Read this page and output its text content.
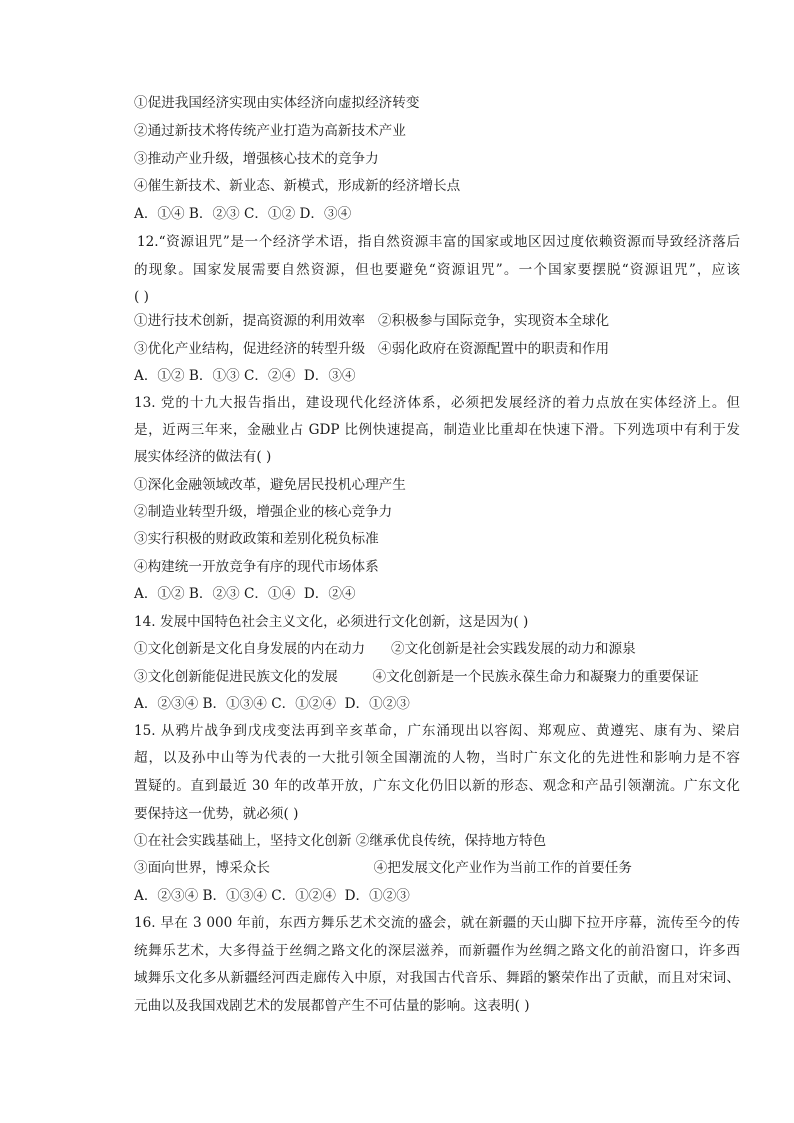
①促进我国经济实现由实体经济向虚拟经济转变
②通过新技术将传统产业打造为高新技术产业
③推动产业升级，增强核心技术的竞争力
④催生新技术、新业态、新模式，形成新的经济增长点
A．①④ B．②③ C．①② D．③④
12.“资源诅咒”是一个经济学术语，指自然资源丰富的国家或地区因过度依赖资源而导致经济落后
的现象。国家发展需要自然资源，但也要避免“资源诅咒”。一个国家要摆脱“资源诅咒”，应该
( )
①进行技术创新，提高资源的利用效率   ②积极参与国际竞争，实现资本全球化
③优化产业结构，促进经济的转型升级   ④弱化政府在资源配置中的职责和作用
A．①② B．①③ C．②④  D．③④
13. 党的十九大报告指出，建设现代化经济体系，必须把发展经济的着力点放在实体经济上。但
是，近两三年来，金融业占 GDP 比例快速提高，制造业比重却在快速下滑。下列选项中有利于发
展实体经济的做法有( )
①深化金融领域改革，避免居民投机心理产生
②制造业转型升级，增强企业的核心竞争力
③实行积极的财政政策和差别化税负标准
④构建统一开放竞争有序的现代市场体系
A．①② B．②③ C．①④  D．②④
14. 发展中国特色社会主义文化，必须进行文化创新，这是因为( )
①文化创新是文化自身发展的内在动力      ②文化创新是社会实践发展的动力和源泉
③文化创新能促进民族文化的发展        ④文化创新是一个民族永葆生命力和凝聚力的重要保证
A．②③④ B．①③④ C．①②④  D．①②③
15. 从鸦片战争到戊戌变法再到辛亥革命，广东涌现出以容闳、郑观应、黄遵宪、康有为、梁启
超，以及孙中山等为代表的一大批引领全国潮流的人物，当时广东文化的先进性和影响力是不容
置疑的。直到最近 30 年的改革开放，广东文化仍旧以新的形态、观念和产品引领潮流。广东文化
要保持这一优势，就必须( )
①在社会实践基础上，坚持文化创新 ②继承优良传统，保持地方特色
③面向世界，博采众长                        ④把发展文化产业作为当前工作的首要任务
A．②③④ B．①③④ C．①②④  D．①②③
16. 早在 3 000 年前，东西方舞乐艺术交流的盛会，就在新疆的天山脚下拉开序幕，流传至今的传
统舞乐艺术，大多得益于丝绸之路文化的深层滋养，而新疆作为丝绸之路文化的前沿窗口，许多西
域舞乐文化多从新疆经河西走廊传入中原，对我国古代音乐、舞蹈的繁荣作出了贡献，而且对宋词、
元曲以及我国戏剧艺术的发展都曾产生不可估量的影响。这表明( )
